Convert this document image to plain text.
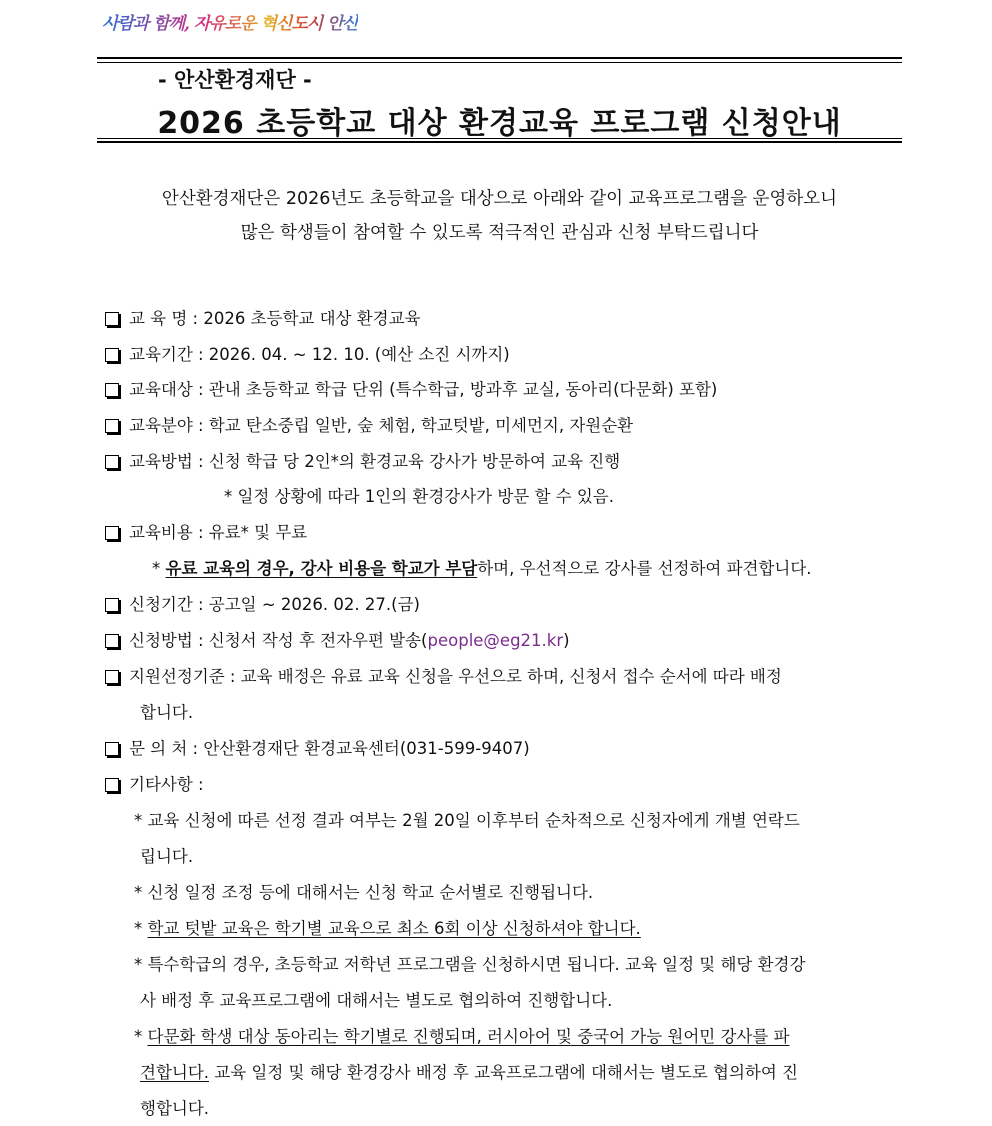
사람과 함께, 자유로운 혁신도시 안산
- 안산환경재단 -
2026 초등학교 대상 환경교육 프로그램 신청안내
안산환경재단은 2026년도 초등학교을 대상으로 아래와 같이 교육프로그램을 운영하오니
많은 학생들이 참여할 수 있도록 적극적인 관심과 신청 부탁드립니다
교 육 명 : 2026 초등학교 대상 환경교육
교육기간 : 2026. 04. ~ 12. 10. (예산 소진 시까지)
교육대상 : 관내 초등학교 학급 단위 (특수학급, 방과후 교실, 동아리(다문화) 포함)
교육분야 : 학교 탄소중립 일반, 숲 체험, 학교텃밭, 미세먼지, 자원순환
교육방법 : 신청 학급 당 2인*의 환경교육 강사가 방문하여 교육 진행
* 일정 상황에 따라 1인의 환경강사가 방문 할 수 있음.
교육비용 : 유료* 및 무료
* 유료 교육의 경우, 강사 비용을 학교가 부담하며, 우선적으로 강사를 선정하여 파견합니다.
신청기간 : 공고일 ~ 2026. 02. 27.(금)
신청방법 : 신청서 작성 후 전자우편 발송(people@eg21.kr)
지원선정기준 : 교육 배정은 유료 교육 신청을 우선으로 하며, 신청서 접수 순서에 따라 배정
합니다.
문 의 처 : 안산환경재단 환경교육센터(031-599-9407)
기타사항 :
* 교육 신청에 따른 선정 결과 여부는 2월 20일 이후부터 순차적으로 신청자에게 개별 연락드
립니다.
* 신청 일정 조정 등에 대해서는 신청 학교 순서별로 진행됩니다.
* 학교 텃밭 교육은 학기별 교육으로 최소 6회 이상 신청하셔야 합니다.
* 특수학급의 경우, 초등학교 저학년 프로그램을 신청하시면 됩니다. 교육 일정 및 해당 환경강
사 배정 후 교육프로그램에 대해서는 별도로 협의하여 진행합니다.
* 다문화 학생 대상 동아리는 학기별로 진행되며, 러시아어 및 중국어 가능 원어민 강사를 파
견합니다. 교육 일정 및 해당 환경강사 배정 후 교육프로그램에 대해서는 별도로 협의하여 진
행합니다.
